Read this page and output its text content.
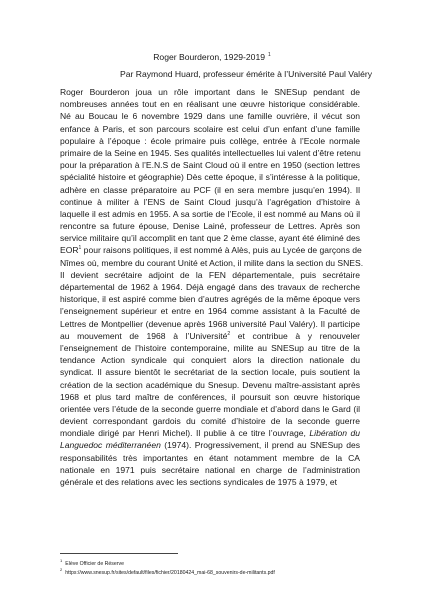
Roger Bourderon, 1929-2019 $^1$
Par Raymond Huard, professeur émérite à l’Université Paul Valéry
Roger Bourderon joua un rôle important dans le SNESup pendant de
nombreuses années tout en en réalisant une œuvre historique considérable.
Né au Boucau le 6 novembre 1929 dans une famille ouvrière, il vécut son
enfance à Paris, et son parcours scolaire est celui d’un enfant d’une famille
populaire à l’époque : école primaire puis collège, entrée à l’Ecole normale
primaire de la Seine en 1945. Ses qualités intellectuelles lui valent d’être retenu
pour la préparation à l’E.N.S de Saint Cloud où il entre en 1950 (section lettres
spécialité histoire et géographie) Dès cette époque, il s’intéresse à la politique,
adhère en classe préparatoire au PCF (il en sera membre jusqu’en 1994). Il
continue à militer à l’ENS de Saint Cloud jusqu’à l’agrégation d’histoire à
laquelle il est admis en 1955. A sa sortie de l’Ecole, il est nommé au Mans où il
rencontre sa future épouse, Denise Lainé, professeur de Lettres. Après son
service militaire qu’il accomplit en tant que 2 ème classe, ayant été éliminé des
EOR$^1$ pour raisons politiques, il est nommé à Alès, puis au Lycée de garçons de
Nîmes où, membre du courant Unité et Action, il milite dans la section du SNES.
Il devient secrétaire adjoint de la FEN départementale, puis secrétaire
départemental de 1962 à 1964. Déjà engagé dans des travaux de recherche
historique, il est aspiré comme bien d’autres agrégés de la même époque vers
l’enseignement supérieur et entre en 1964 comme assistant à la Faculté de
Lettres de Montpellier (devenue après 1968 université Paul Valéry). Il participe
au mouvement de 1968 à l’Université$^2$ et contribue à y renouveler
l’enseignement de l’histoire contemporaine, milite au SNESup au titre de la
tendance Action syndicale qui conquiert alors la direction nationale du
syndicat. Il assure bientôt le secrétariat de la section locale, puis soutient la
création de la section académique du Snesup. Devenu maître-assistant après
1968 et plus tard maître de conférences, il poursuit son œuvre historique
orientée vers l’étude de la seconde guerre mondiale et d’abord dans le Gard (il
devient correspondant gardois du comité d’histoire de la seconde guerre
mondiale dirigé par Henri Michel). Il publie à ce titre l’ouvrage, Libération du
Languedoc méditerranéen (1974). Progressivement, il prend au SNESup des
responsabilités très importantes en étant notamment membre de la CA
nationale en 1971 puis secrétaire national en charge de l’administration
générale et des relations avec les sections syndicales de 1975 à 1979, et
$^1$Elève Officier de Réserve
$^2$https://www.snesup.fr/sites/default/files/fichier/20180424_mai-68_souvenirs-de-militants.pdf
